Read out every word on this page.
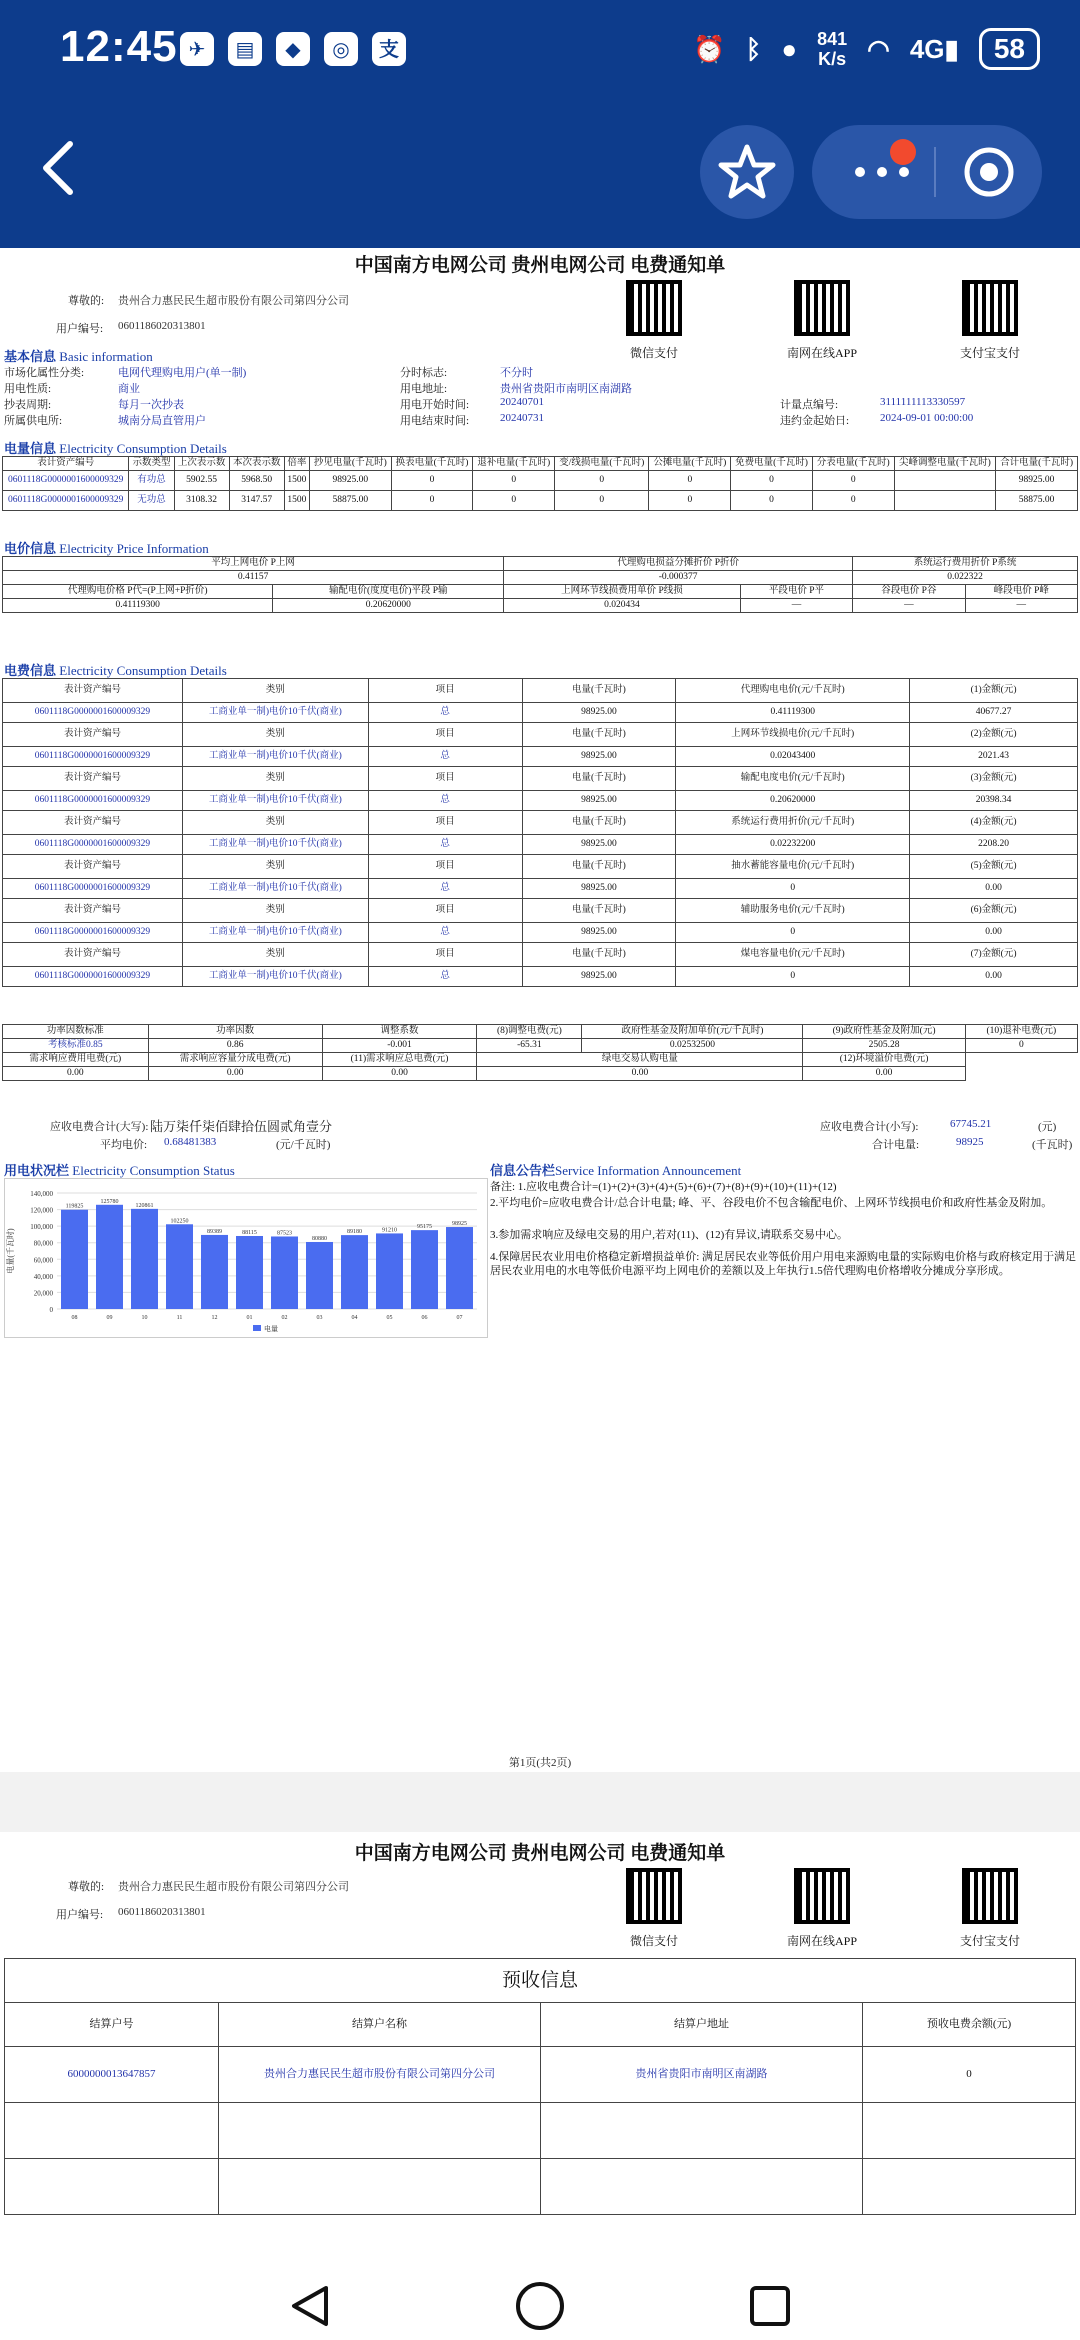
12:45 ✈	▤	◆	◎	支	⏰ ᛒ ● 841
K/s ◠ 4G▮	58
中国南方电网公司 贵州电网公司 电费通知单
尊敬的: 贵州合力惠民民生超市股份有限公司第四分公司
用户编号: 0601186020313801
微信支付	南网在线APP	支付宝支付
基本信息 Basic information
市场化属性分类:	电网代理购电用户(单一制)	分时标志:	不分时
用电性质:	商业	用电地址:	贵州省贵阳市南明区南湖路
抄表周期:	每月一次抄表	用电开始时间:	20240701	计量点编号:	3111111113330597
所属供电所:	城南分局直管用户	用电结束时间:	20240731	违约金起始日:	2024-09-01 00:00:00
电量信息 Electricity Consumption Details
表计资产编号	示数类型	上次表示数	本次表示数	倍率	抄见电量(千瓦时)	换表电量(千瓦时)	退补电量(千瓦时)	变/线损电量(千瓦时)	公摊电量(千瓦时)	免费电量(千瓦时)	分表电量(千瓦时)	尖峰调整电量(千瓦时)	合计电量(千瓦时)
0601118G0000001600009329	有功总	5902.55	5968.50	1500	98925.00	0	0	0	0	0	0		98925.00
0601118G0000001600009329	无功总	3108.32	3147.57	1500	58875.00	0	0	0	0	0	0		58875.00
电价信息 Electricity Price Information
平均上网电价 P上网		代理购电损益分摊折价 P折价		系统运行费用折价 P系统	
0.41157		-0.000377		0.022322	
代理购电价格 P代=(P上网+P折价)	输配电价(度度电价)平段 P输	上网环节线损费用单价 P线损	平段电价 P平	谷段电价 P谷	峰段电价 P峰
0.41119300	0.20620000	0.020434	—	—	—
电费信息 Electricity Consumption Details
表计资产编号	类别	项目	电量(千瓦时)	代理购电电价(元/千瓦时)	(1)金额(元)
0601118G0000001600009329	工商业单一制)电价10千伏(商业)	总	98925.00	0.41119300	40677.27
表计资产编号	类别	项目	电量(千瓦时)	上网环节线损电价(元/千瓦时)	(2)金额(元)
0601118G0000001600009329	工商业单一制)电价10千伏(商业)	总	98925.00	0.02043400	2021.43
表计资产编号	类别	项目	电量(千瓦时)	输配电度电价(元/千瓦时)	(3)金额(元)
0601118G0000001600009329	工商业单一制)电价10千伏(商业)	总	98925.00	0.20620000	20398.34
表计资产编号	类别	项目	电量(千瓦时)	系统运行费用折价(元/千瓦时)	(4)金额(元)
0601118G0000001600009329	工商业单一制)电价10千伏(商业)	总	98925.00	0.02232200	2208.20
表计资产编号	类别	项目	电量(千瓦时)	抽水蓄能容量电价(元/千瓦时)	(5)金额(元)
0601118G0000001600009329	工商业单一制)电价10千伏(商业)	总	98925.00	0	0.00
表计资产编号	类别	项目	电量(千瓦时)	辅助服务电价(元/千瓦时)	(6)金额(元)
0601118G0000001600009329	工商业单一制)电价10千伏(商业)	总	98925.00	0	0.00
表计资产编号	类别	项目	电量(千瓦时)	煤电容量电价(元/千瓦时)	(7)金额(元)
0601118G0000001600009329	工商业单一制)电价10千伏(商业)	总	98925.00	0	0.00
功率因数标准	功率因数	调整系数	(8)调整电费(元)	政府性基金及附加单价(元/千瓦时)	(9)政府性基金及附加(元)	(10)退补电费(元)
考核标准0.85	0.86	-0.001	-65.31	0.02532500	2505.28	0
需求响应费用电费(元)	需求响应容量分成电费(元)	(11)需求响应总电费(元)	绿电交易认购电量		(12)环境溢价电费(元)	
0.00	0.00	0.00	0.00		0.00	
应收电费合计(大写): 陆万柒仟柒佰肆拾伍圆贰角壹分	应收电费合计(小写):	67745.21	(元)
平均电价: 0.68481383	(元/千瓦时)	合计电量:	98925	(千瓦时)
用电状况栏 Electricity Consumption Status
140,000
120,000
100,000
80,000
60,000
40,000
20,000
0
电量(千瓦时)
119825
08
125780
09
120861
10
102250
11
89389
12
88115
01
87523
02
80880
03
89180
04
91210
05
95175
06
98925
07
电量
信息公告栏Service Information Announcement
备注: 1.应收电费合计=(1)+(2)+(3)+(4)+(5)+(6)+(7)+(8)+(9)+(10)+(11)+(12)
2.平均电价=应收电费合计/总合计电量; 峰、平、谷段电价不包含输配电价、上网环节线损电价和政府性基金及附加。
3.参加需求响应及绿电交易的用户,若对(11)、(12)有异议,请联系交易中心。
4.保障居民农业用电价格稳定新增损益单价: 满足居民农业等低价用户用电来源购电量的实际购电价格与政府核定用于满足居民农业用电的水电等低价电源平均上网电价的差额以及上年执行1.5倍代理购电价格增收分摊成分享形成。
第1页(共2页)
中国南方电网公司 贵州电网公司 电费通知单
尊敬的: 贵州合力惠民民生超市股份有限公司第四分公司
用户编号: 0601186020313801
微信支付	南网在线APP	支付宝支付
预收信息			
结算户号	结算户名称	结算户地址	预收电费余额(元)
6000000013647857	贵州合力惠民民生超市股份有限公司第四分公司	贵州省贵阳市南明区南湖路	0
